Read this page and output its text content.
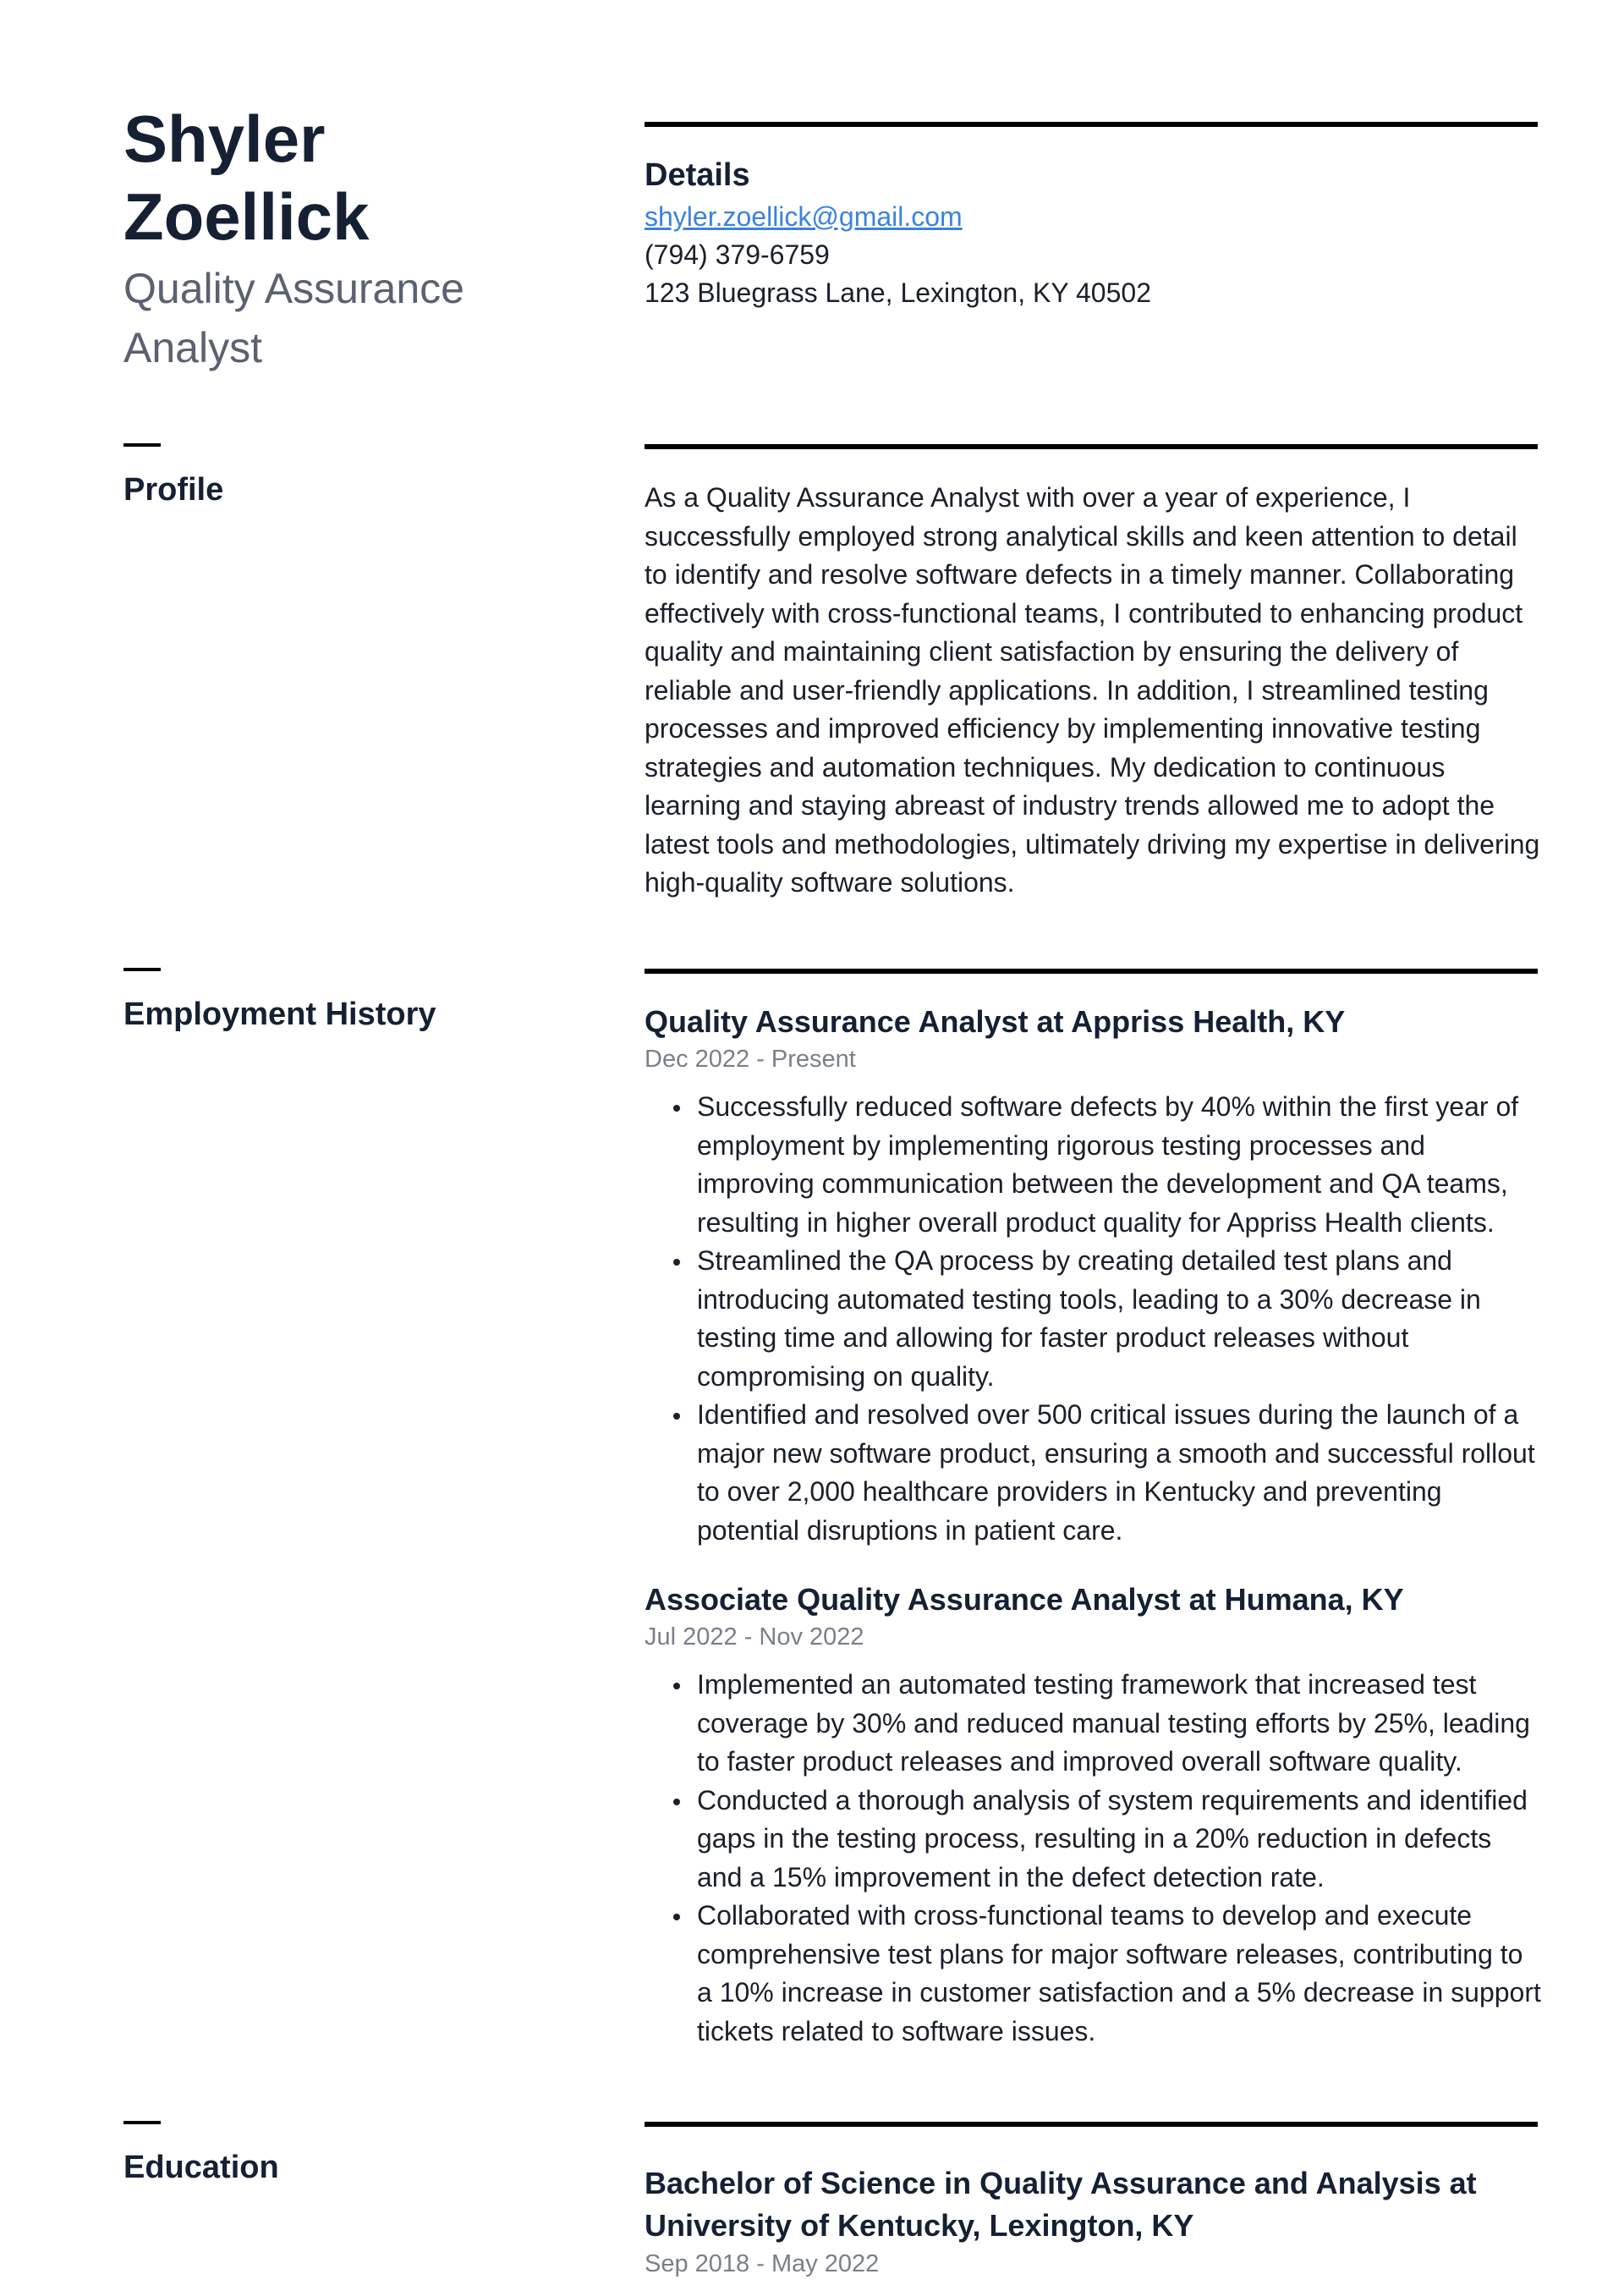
Shyler Zoellick
Quality Assurance Analyst
Details
shyler.zoellick@gmail.com
(794) 379-6759
123 Bluegrass Lane, Lexington, KY 40502
Profile	As a Quality Assurance Analyst with over a year of experience, I successfully employed strong analytical skills and keen attention to detail to identify and resolve software defects in a timely manner. Collaborating effectively with cross-functional teams, I contributed to enhancing product quality and maintaining client satisfaction by ensuring the delivery of reliable and user-friendly applications. In addition, I streamlined testing processes and improved efficiency by implementing innovative testing strategies and automation techniques. My dedication to continuous learning and staying abreast of industry trends allowed me to adopt the latest tools and methodologies, ultimately driving my expertise in delivering high-quality software solutions.

Employment History	Quality Assurance Analyst at Appriss Health, KY
Dec 2022 - Present
Successfully reduced software defects by 40% within the first year of employment by implementing rigorous testing processes and improving communication between the development and QA teams, resulting in higher overall product quality for Appriss Health clients.
Streamlined the QA process by creating detailed test plans and introducing automated testing tools, leading to a 30% decrease in testing time and allowing for faster product releases without compromising on quality.
Identified and resolved over 500 critical issues during the launch of a major new software product, ensuring a smooth and successful rollout to over 2,000 healthcare providers in Kentucky and preventing potential disruptions in patient care.
Associate Quality Assurance Analyst at Humana, KY
Jul 2022 - Nov 2022
Implemented an automated testing framework that increased test coverage by 30% and reduced manual testing efforts by 25%, leading to faster product releases and improved overall software quality.
Conducted a thorough analysis of system requirements and identified gaps in the testing process, resulting in a 20% reduction in defects and a 15% improvement in the defect detection rate.
Collaborated with cross-functional teams to develop and execute comprehensive test plans for major software releases, contributing to a 10% increase in customer satisfaction and a 5% decrease in support tickets related to software issues.
Education	Bachelor of Science in Quality Assurance and Analysis at University of Kentucky, Lexington, KY
Sep 2018 - May 2022
